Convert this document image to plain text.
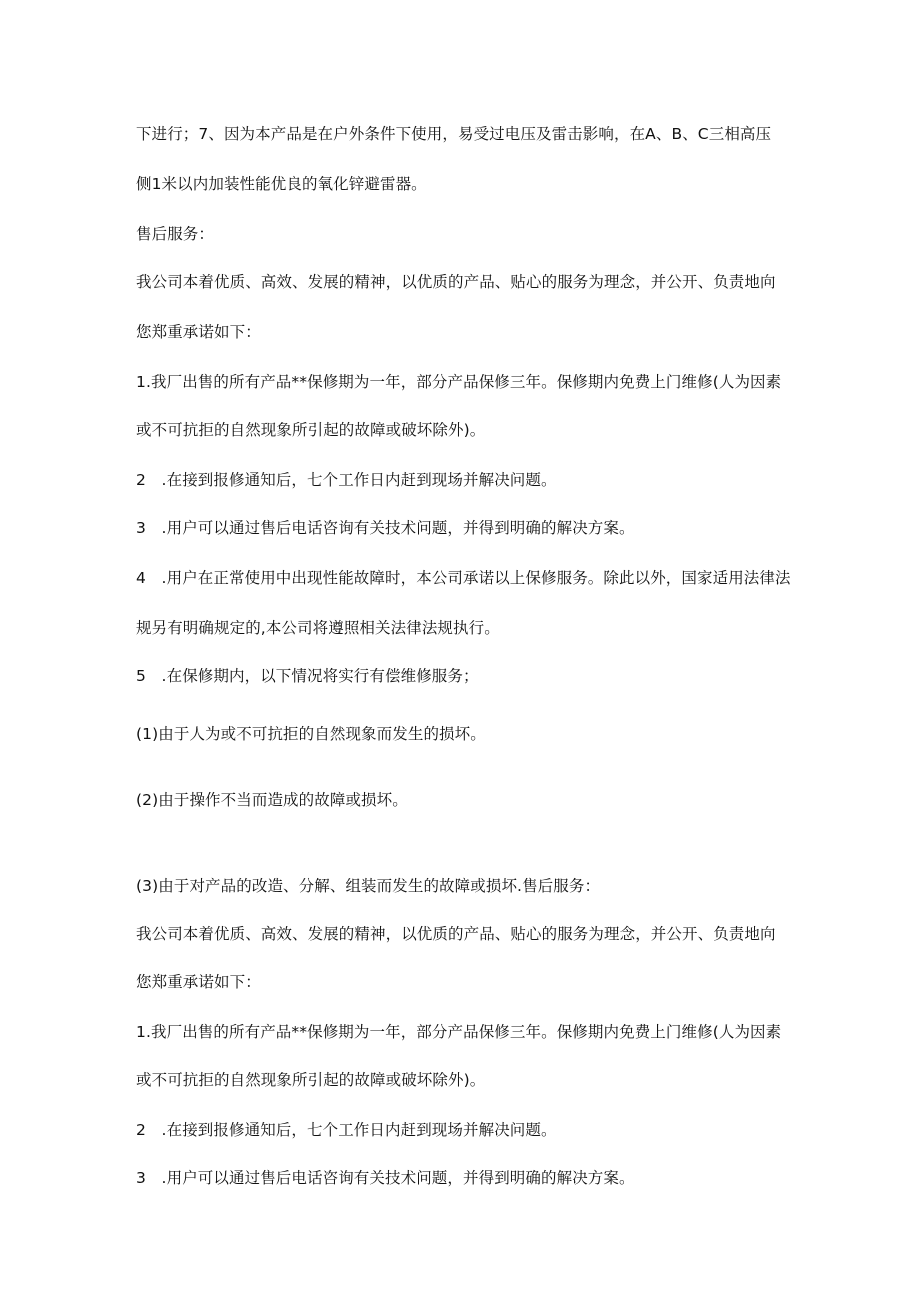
下进行；7、因为本产品是在户外条件下使用，易受过电压及雷击影响，在A、B、C三相高压
侧1米以内加装性能优良的氧化锌避雷器。
售后服务：
我公司本着优质、高效、发展的精神，以优质的产品、贴心的服务为理念，并公开、负责地向
您郑重承诺如下：
1.我厂出售的所有产品**保修期为一年，部分产品保修三年。保修期内免费上门维修(人为因素
或不可抗拒的自然现象所引起的故障或破坏除外)。
2　.在接到报修通知后，七个工作日内赶到现场并解决问题。
3　.用户可以通过售后电话咨询有关技术问题，并得到明确的解决方案。
4　.用户在正常使用中出现性能故障时，本公司承诺以上保修服务。除此以外，国家适用法律法
规另有明确规定的,本公司将遵照相关法律法规执行。
5　.在保修期内，以下情况将实行有偿维修服务；
(1)由于人为或不可抗拒的自然现象而发生的损坏。
(2)由于操作不当而造成的故障或损坏。
(3)由于对产品的改造、分解、组装而发生的故障或损坏.售后服务：
我公司本着优质、高效、发展的精神，以优质的产品、贴心的服务为理念，并公开、负责地向
您郑重承诺如下：
1.我厂出售的所有产品**保修期为一年，部分产品保修三年。保修期内免费上门维修(人为因素
或不可抗拒的自然现象所引起的故障或破坏除外)。
2　.在接到报修通知后，七个工作日内赶到现场并解决问题。
3　.用户可以通过售后电话咨询有关技术问题，并得到明确的解决方案。
